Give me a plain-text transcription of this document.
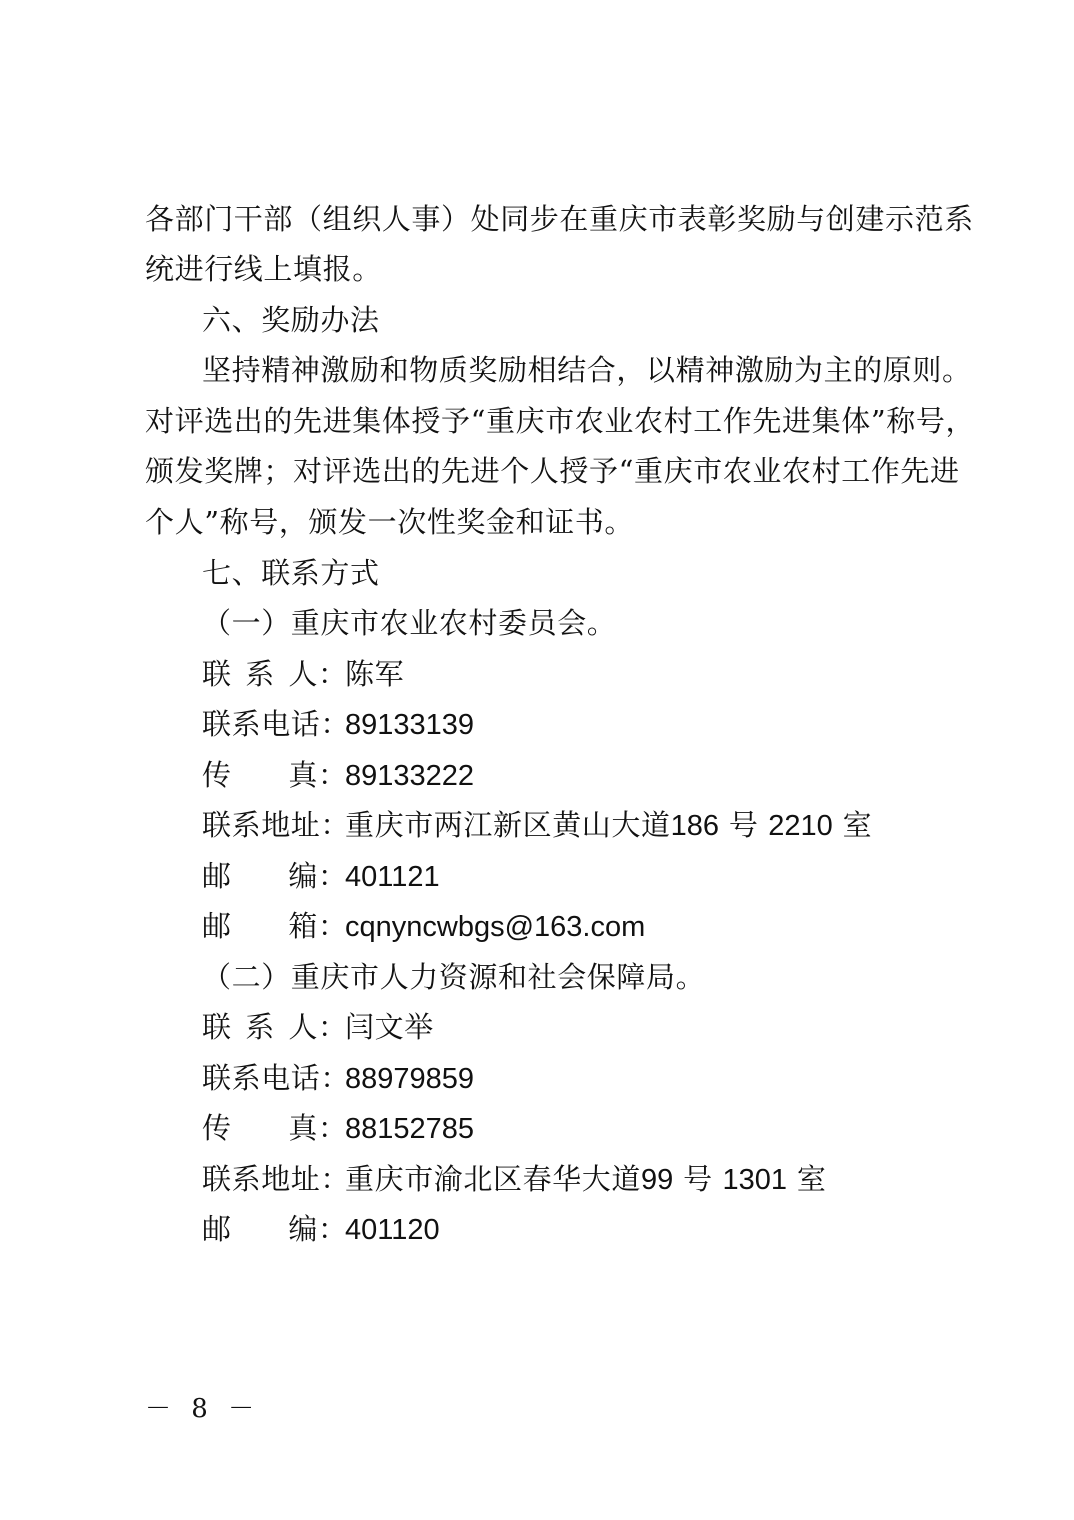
各部门干部（组织人事）处同步在重庆市表彰奖励与创建示范系
统进行线上填报。
六、奖励办法
坚持精神激励和物质奖励相结合，以精神激励为主的原则。
对评选出的先进集体授予“重庆市农业农村工作先进集体”称号，
颁发奖牌；对评选出的先进个人授予“重庆市农业农村工作先进
个人”称号，颁发一次性奖金和证书。
七、联系方式
（一）重庆市农业农村委员会。
联 系 人 ：陈军
联系电话：89133139
传 真 ：89133222
联系地址：重庆市两江新区黄山大道186 号 2210 室
邮 编 ：401121
邮 箱 ：cqnyncwbgs@163.com
（二）重庆市人力资源和社会保障局。
联 系 人 ：闫文举
联系电话：88979859
传 真 ：88152785
联系地址：重庆市渝北区春华大道99 号 1301 室
邮 编 ：401120
－ 8 －
